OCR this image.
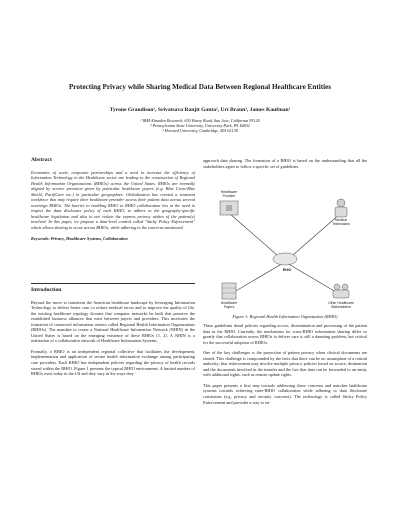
Protecting Privacy while Sharing Medical Data Between Regional Healthcare Entities
Tyrone Grandison¹, Srivatsava Ranjit Ganta², Uri Braun³, James Kaufman¹
¹ IBM Almaden Research, 650 Harry Road, San Jose, California 95120
² Pennsylvania State University, University Park, PA 16802
³ Harvard University, Cambridge, MA 02138
Abstract

Economies of scale, corporate partnerships and a need to increase the efficiency of Information Technology in the Healthcare sector are leading to the construction of Regional Health Information Organizations (RHIOs) across the United States. RHIOs are normally aligned by service provision given by particular healthcare payers (e.g. Blue Cross-Blue Shield, PacifiCare etc.) in particular geographies. Globalization has created a transient workforce that may require their healthcare provider access their patient data across several sovereign RHIOs. The barrier to enabling RHIO to RHIO collaboration lies in the need to respect the data disclosure policy of each RHIO, to adhere to the geography-specific healthcare legislation and also to not violate the express privacy wishes of the patient(s) involved. In this paper, we propose a data-level control called "Sticky Policy Enforcement" which allows sharing to occur across RHIOs, while adhering to the concerns mentioned.

Keywords: Privacy, Healthcare Systems, Collaboration
Introduction

Beyond the move to transform the American healthcare landscape by leveraging Information Technology to deliver better care, to reduce medical errors and to improve the quality of life, the existing healthcare topology dictates that computer networks be built that preserve the established business alliances that exist between payers and providers. This motivates the formation of connected information centers called Regional Health Information Organizations (RHIOs). The mandate to create a National Healthcare Information Network (NHIN) in the United States is based on the emerging existence of these RHIOs [1, 2]. A NHIN is a realization of a collaborative network of Healthcare Information Systems.

Formally, a RHIO is an independent regional collective that facilitates the development, implementation and application of secure health information exchange among participating care providers. Each RHIO has independent policies regarding the privacy of health records stored within the RHIO. Figure 1 presents the typical RHIO environment. A limited number of RHIOs exist today in the US and they vary in the ways they

approach data sharing. The formation of a RHIO is based on the understanding that all the stakeholders agree to follow a specific set of guidelines.

Healthcare
Provider
Medical
Technicians
RHIO
Healthcare
Payers
Other Healthcare
Stakeholders
Figure 1: Regional Health Information Organization (RHIO)

These guidelines detail policies regarding access, dissemination and processing of the patient data in the RHIO. Currently, the mechanism for cross-RHIO information sharing differ so greatly that collaboration across RHIOs to deliver care is still a daunting problem, but critical for the successful adoption of RHIOs.

One of the key challenges is the protection of patient privacy when clinical documents are shared. This challenge is compounded by the facts that there can be no assumption of a central authority; that enforcement may involve multiple privacy policies based on source, destination and the documents involved in the transfer and the fact that data can be forwarded to an entity with additional rights, such as remote update rights.

This paper presents a first step towards addressing these concerns and marches healthcare systems towards achieving inter-RHIO collaboration while adhering to data disclosure constraints (e.g. privacy and security concerns). The technology is called Sticky Policy Enforcement and provides a way to en-
